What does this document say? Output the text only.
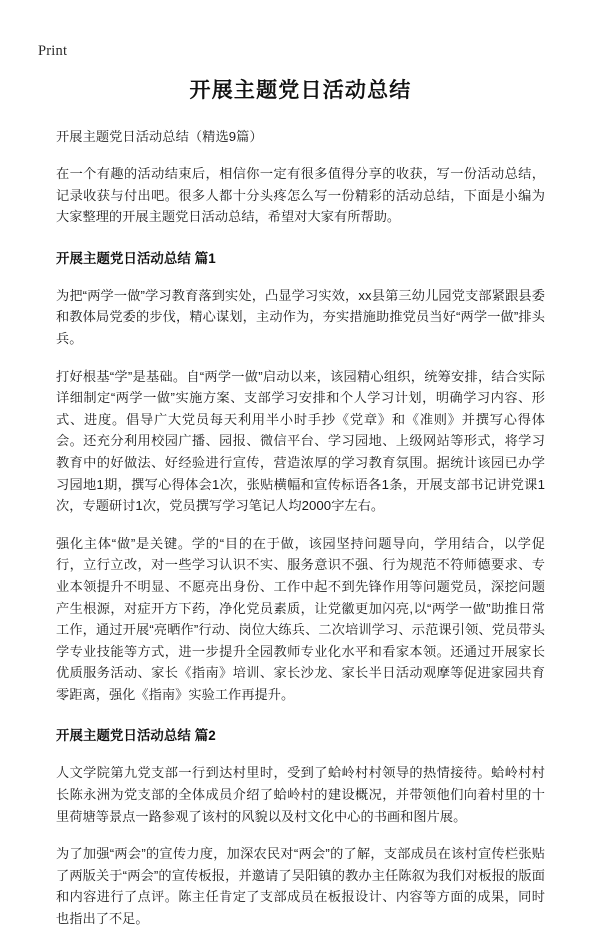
Print
开展主题党日活动总结

开展主题党日活动总结（精选9篇）

在一个有趣的活动结束后，相信你一定有很多值得分享的收获，写一份活动总结，记录收获与付出吧。很多人都十分头疼怎么写一份精彩的活动总结，下面是小编为大家整理的开展主题党日活动总结，希望对大家有所帮助。

开展主题党日活动总结 篇1

为把“两学一做”学习教育落到实处，凸显学习实效，xx县第三幼儿园党支部紧跟县委和教体局党委的步伐，精心谋划，主动作为，夯实措施助推党员当好“两学一做”排头兵。

打好根基“学”是基础。自“两学一做”启动以来，该园精心组织，统筹安排，结合实际详细制定“两学一做”实施方案、支部学习安排和个人学习计划，明确学习内容、形式、进度。倡导广大党员每天利用半小时手抄《党章》和《准则》并撰写心得体会。还充分利用校园广播、园报、微信平台、学习园地、上级网站等形式，将学习教育中的好做法、好经验进行宣传，营造浓厚的学习教育氛围。据统计该园已办学习园地1期，撰写心得体会1次，张贴横幅和宣传标语各1条，开展支部书记讲党课1次，专题研讨1次，党员撰写学习笔记人均2000字左右。

强化主体“做”是关键。学的“目的在于做，该园坚持问题导向，学用结合，以学促行，立行立改，对一些学习认识不实、服务意识不强、行为规范不符师德要求、专业本领提升不明显、不愿亮出身份、工作中起不到先锋作用等问题党员，深挖问题产生根源，对症开方下药，净化党员素质，让党徽更加闪亮,以“两学一做”助推日常工作，通过开展“亮晒作”行动、岗位大练兵、二次培训学习、示范课引领、党员带头学专业技能等方式，进一步提升全园教师专业化水平和看家本领。还通过开展家长优质服务活动、家长《指南》培训、家长沙龙、家长半日活动观摩等促进家园共育零距离，强化《指南》实验工作再提升。

开展主题党日活动总结 篇2

人文学院第九党支部一行到达村里时，受到了蛤岭村村领导的热情接待。蛤岭村村长陈永洲为党支部的全体成员介绍了蛤岭村的建设概况，并带领他们向着村里的十里荷塘等景点一路参观了该村的风貌以及村文化中心的书画和图片展。

为了加强“两会”的宣传力度，加深农民对“两会”的了解，支部成员在该村宣传栏张贴了两版关于“两会”的宣传板报，并邀请了吴阳镇的教办主任陈叙为我们对板报的版面和内容进行了点评。陈主任肯定了支部成员在板报设计、内容等方面的成果，同时也指出了不足。
